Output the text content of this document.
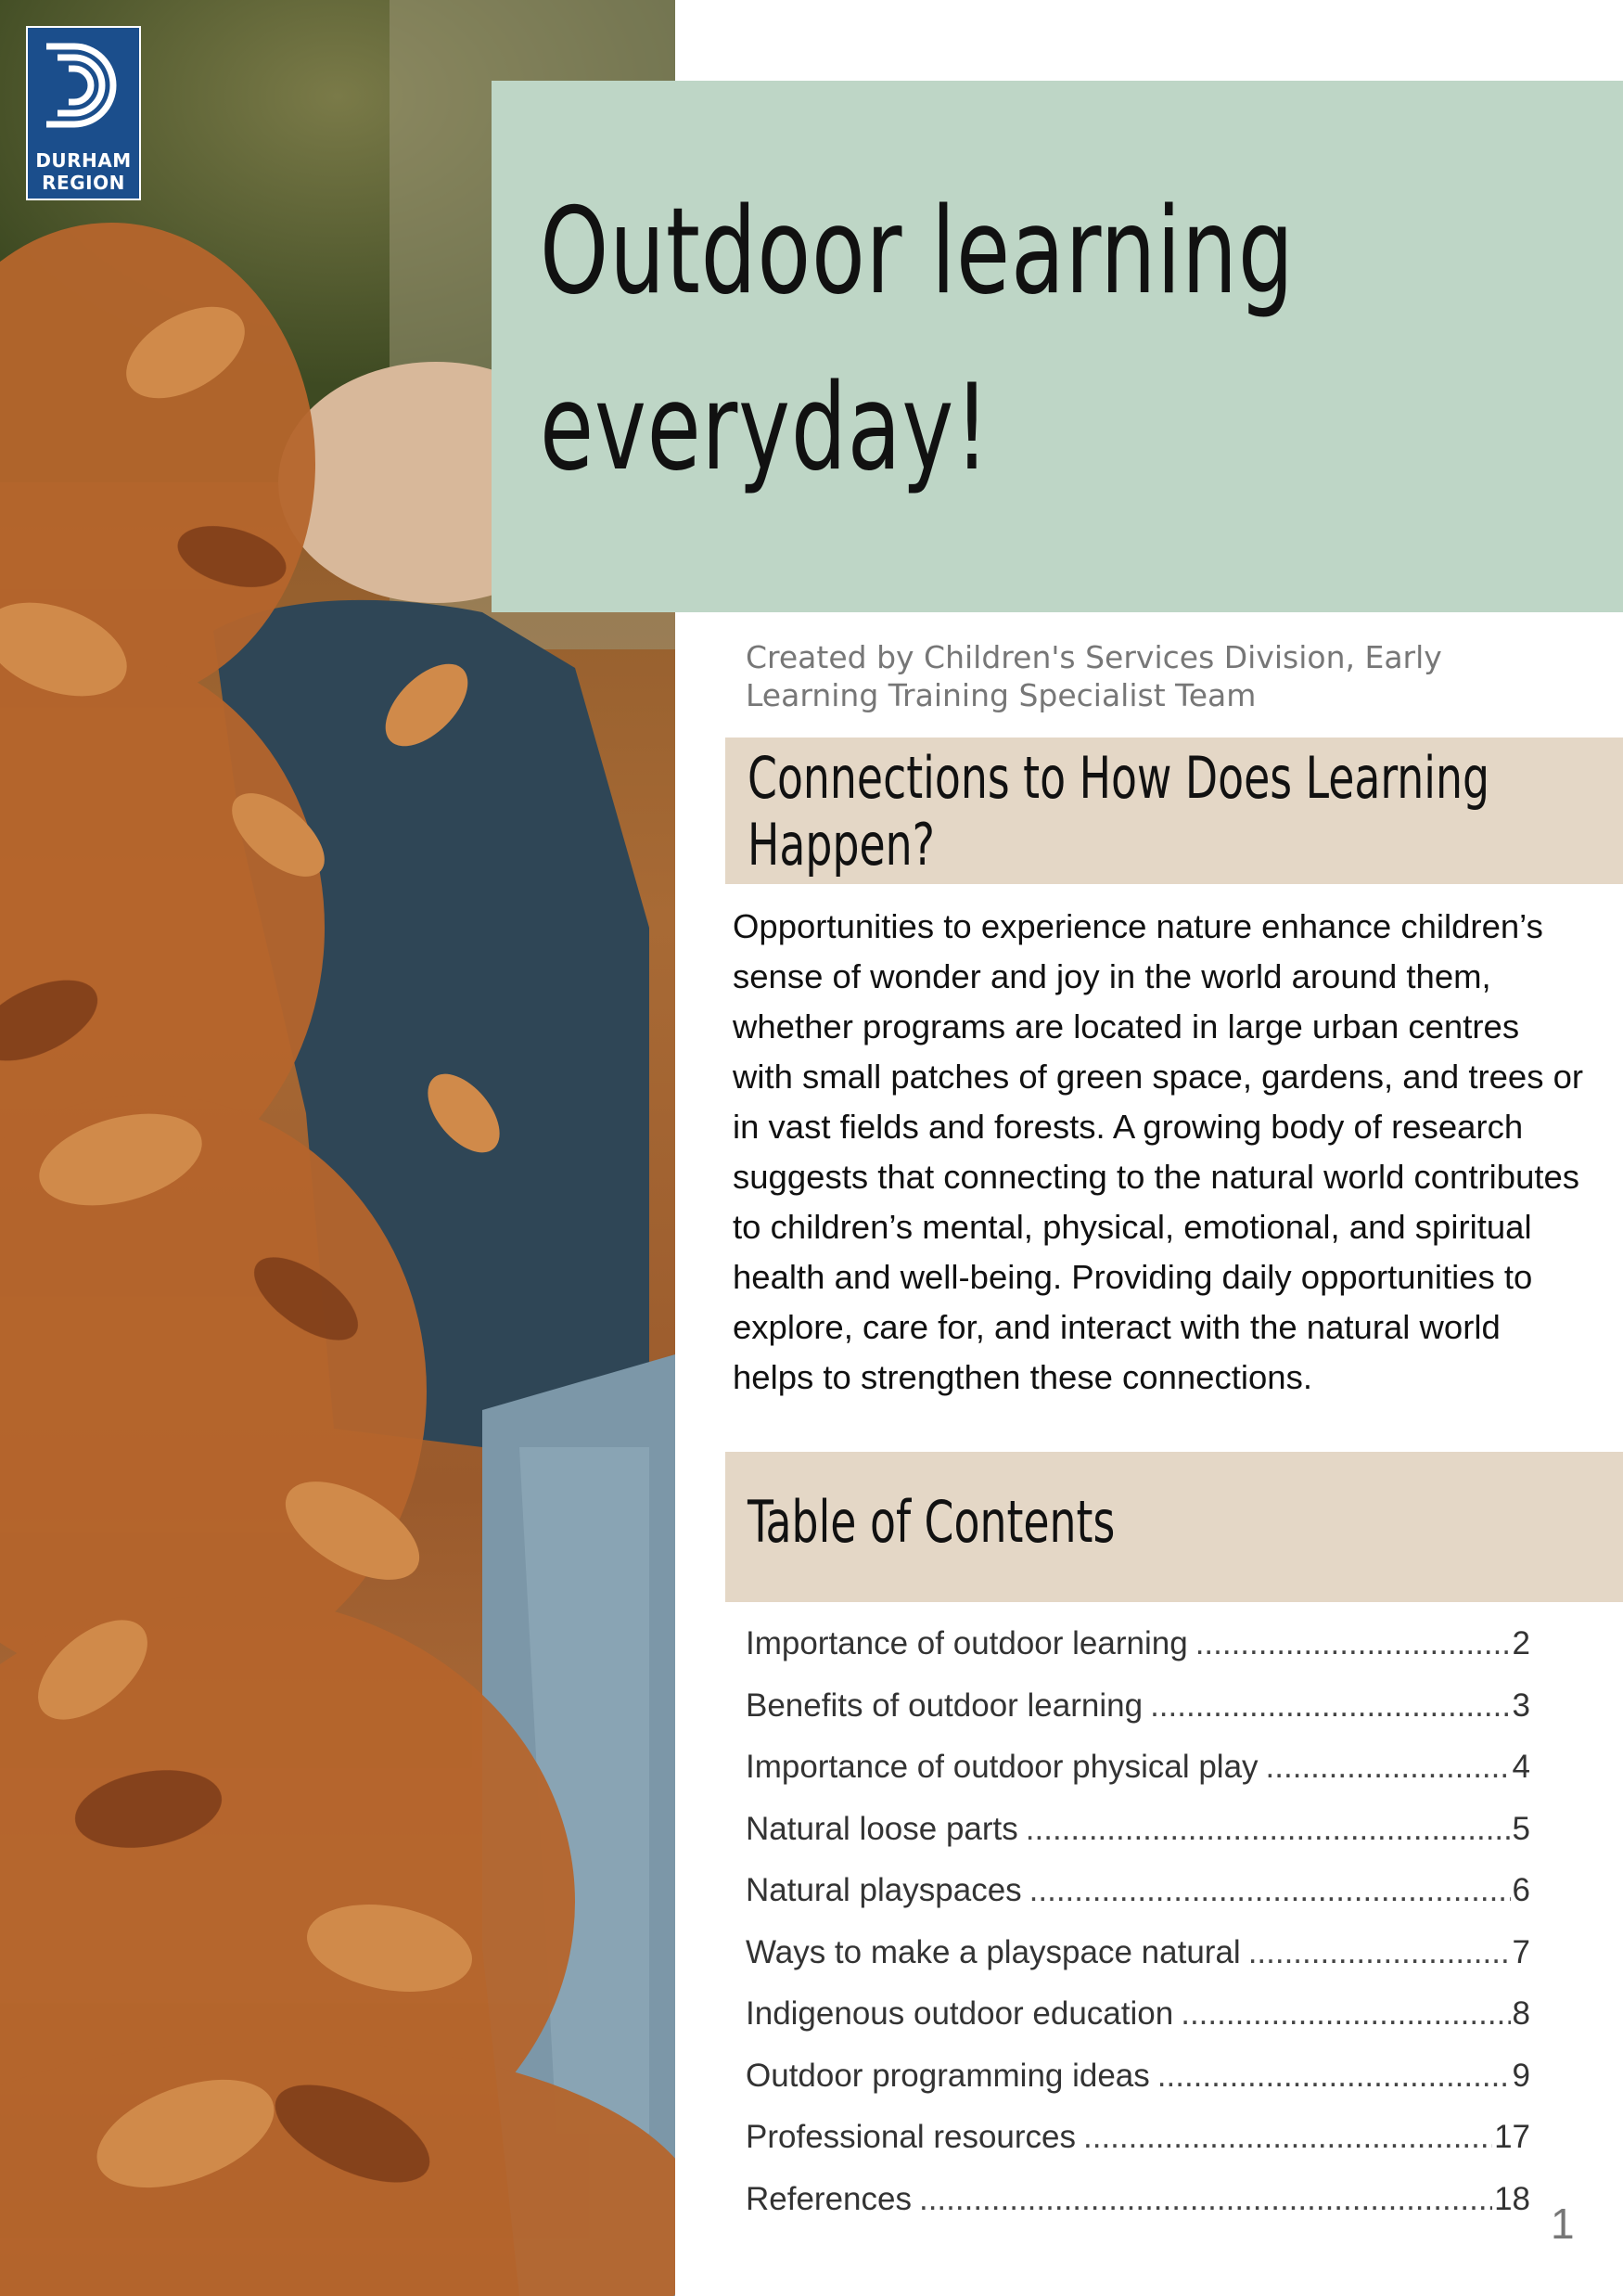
DURHAM
REGION	Outdoor learning
everyday!
Created by Children's Services Division, Early Learning Training Specialist Team
Connections to How Does Learning
Happen?
Opportunities to experience nature enhance children’s sense of wonder and joy in the world around them, whether programs are located in large urban centres with small patches of green space, gardens, and trees or in vast fields and forests. A growing body of research suggests that connecting to the natural world contributes to children’s mental, physical, emotional, and spiritual health and well-being. Providing daily opportunities to explore, care for, and interact with the natural world helps to strengthen these connections.
Table of Contents
Importance of outdoor learning .....	2
Benefits of outdoor learning .....	3
Importance of outdoor physical play .....	4
Natural loose parts .....	5
Natural playspaces .....	6
Ways to make a playspace natural .....	7
Indigenous outdoor education .....	8
Outdoor programming ideas .....	9
Professional resources .....	17
References .....	18
1
